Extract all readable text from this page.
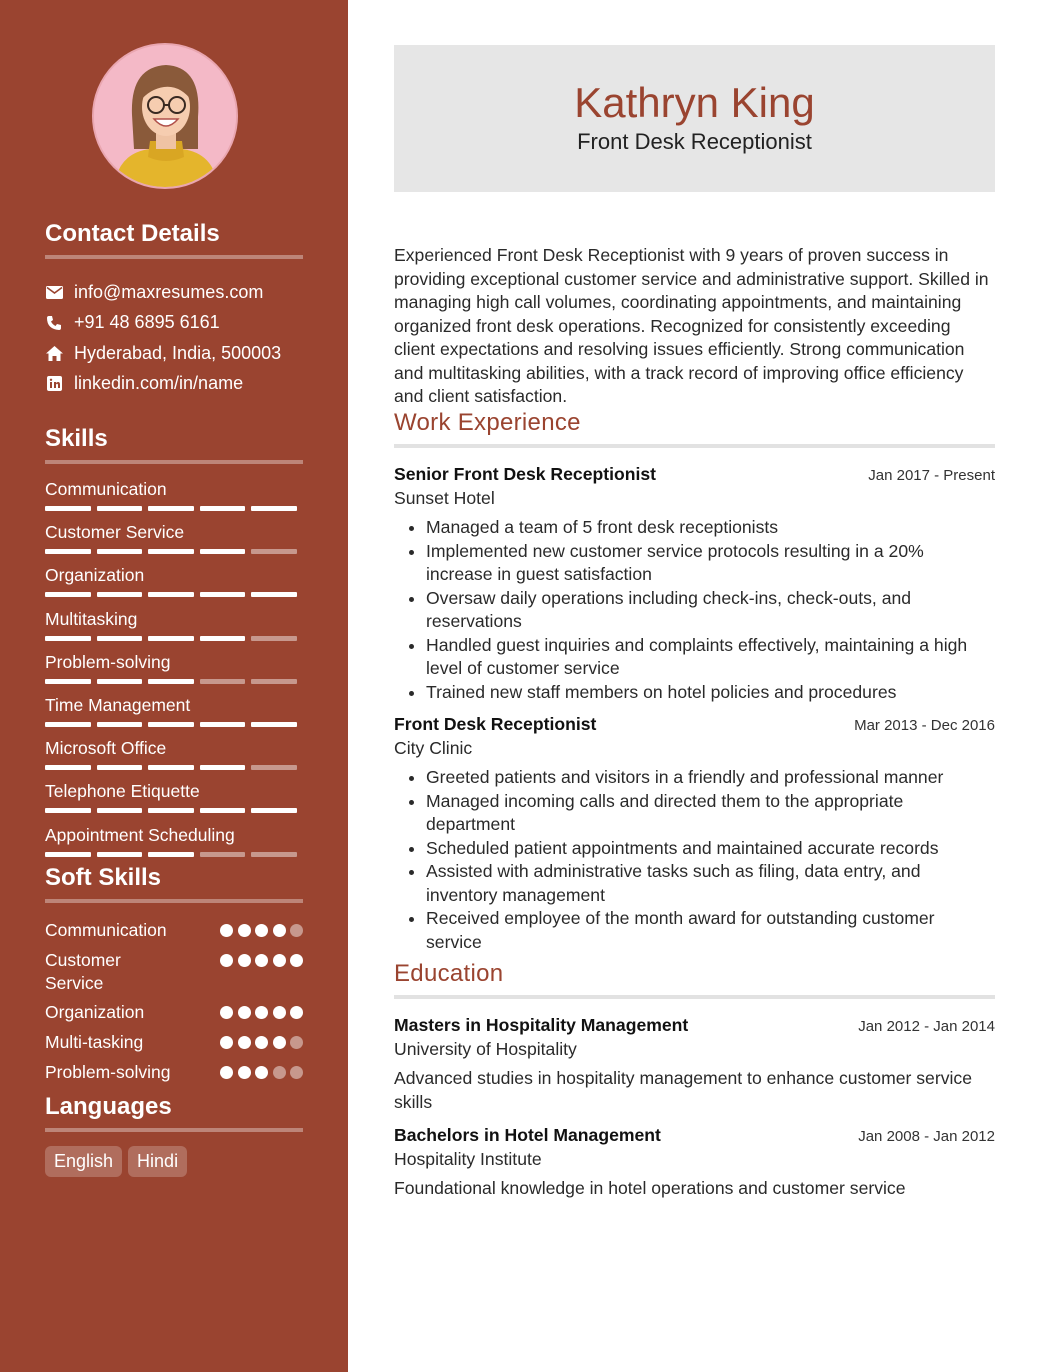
Contact Details
info@maxresumes.com
+91 48 6895 6161
Hyderabad, India, 500003
linkedin.com/in/name
Skills
Communication
Customer Service
Organization
Multitasking
Problem-solving
Time Management
Microsoft Office
Telephone Etiquette
Appointment Scheduling
Soft Skills
Communication
Customer Service
Organization
Multi-tasking
Problem-solving
Languages
English	Hindi
Kathryn King
Front Desk Receptionist

Experienced Front Desk Receptionist with 9 years of proven success in providing exceptional customer service and administrative support. Skilled in managing high call volumes, coordinating appointments, and maintaining organized front desk operations. Recognized for consistently exceeding client expectations and resolving issues efficiently. Strong communication and multitasking abilities, with a track record of improving office efficiency and client satisfaction.

Work Experience
Senior Front Desk Receptionist	Jan 2017 - Present
Sunset Hotel
• Managed a team of 5 front desk receptionists
• Implemented new customer service protocols resulting in a 20% increase in guest satisfaction
• Oversaw daily operations including check-ins, check-outs, and reservations
• Handled guest inquiries and complaints effectively, maintaining a high level of customer service
• Trained new staff members on hotel policies and procedures
Front Desk Receptionist	Mar 2013 - Dec 2016
City Clinic
• Greeted patients and visitors in a friendly and professional manner
• Managed incoming calls and directed them to the appropriate department
• Scheduled patient appointments and maintained accurate records
• Assisted with administrative tasks such as filing, data entry, and inventory management
• Received employee of the month award for outstanding customer service
Education
Masters in Hospitality Management	Jan 2012 - Jan 2014
University of Hospitality
Advanced studies in hospitality management to enhance customer service skills
Bachelors in Hotel Management	Jan 2008 - Jan 2012
Hospitality Institute
Foundational knowledge in hotel operations and customer service
